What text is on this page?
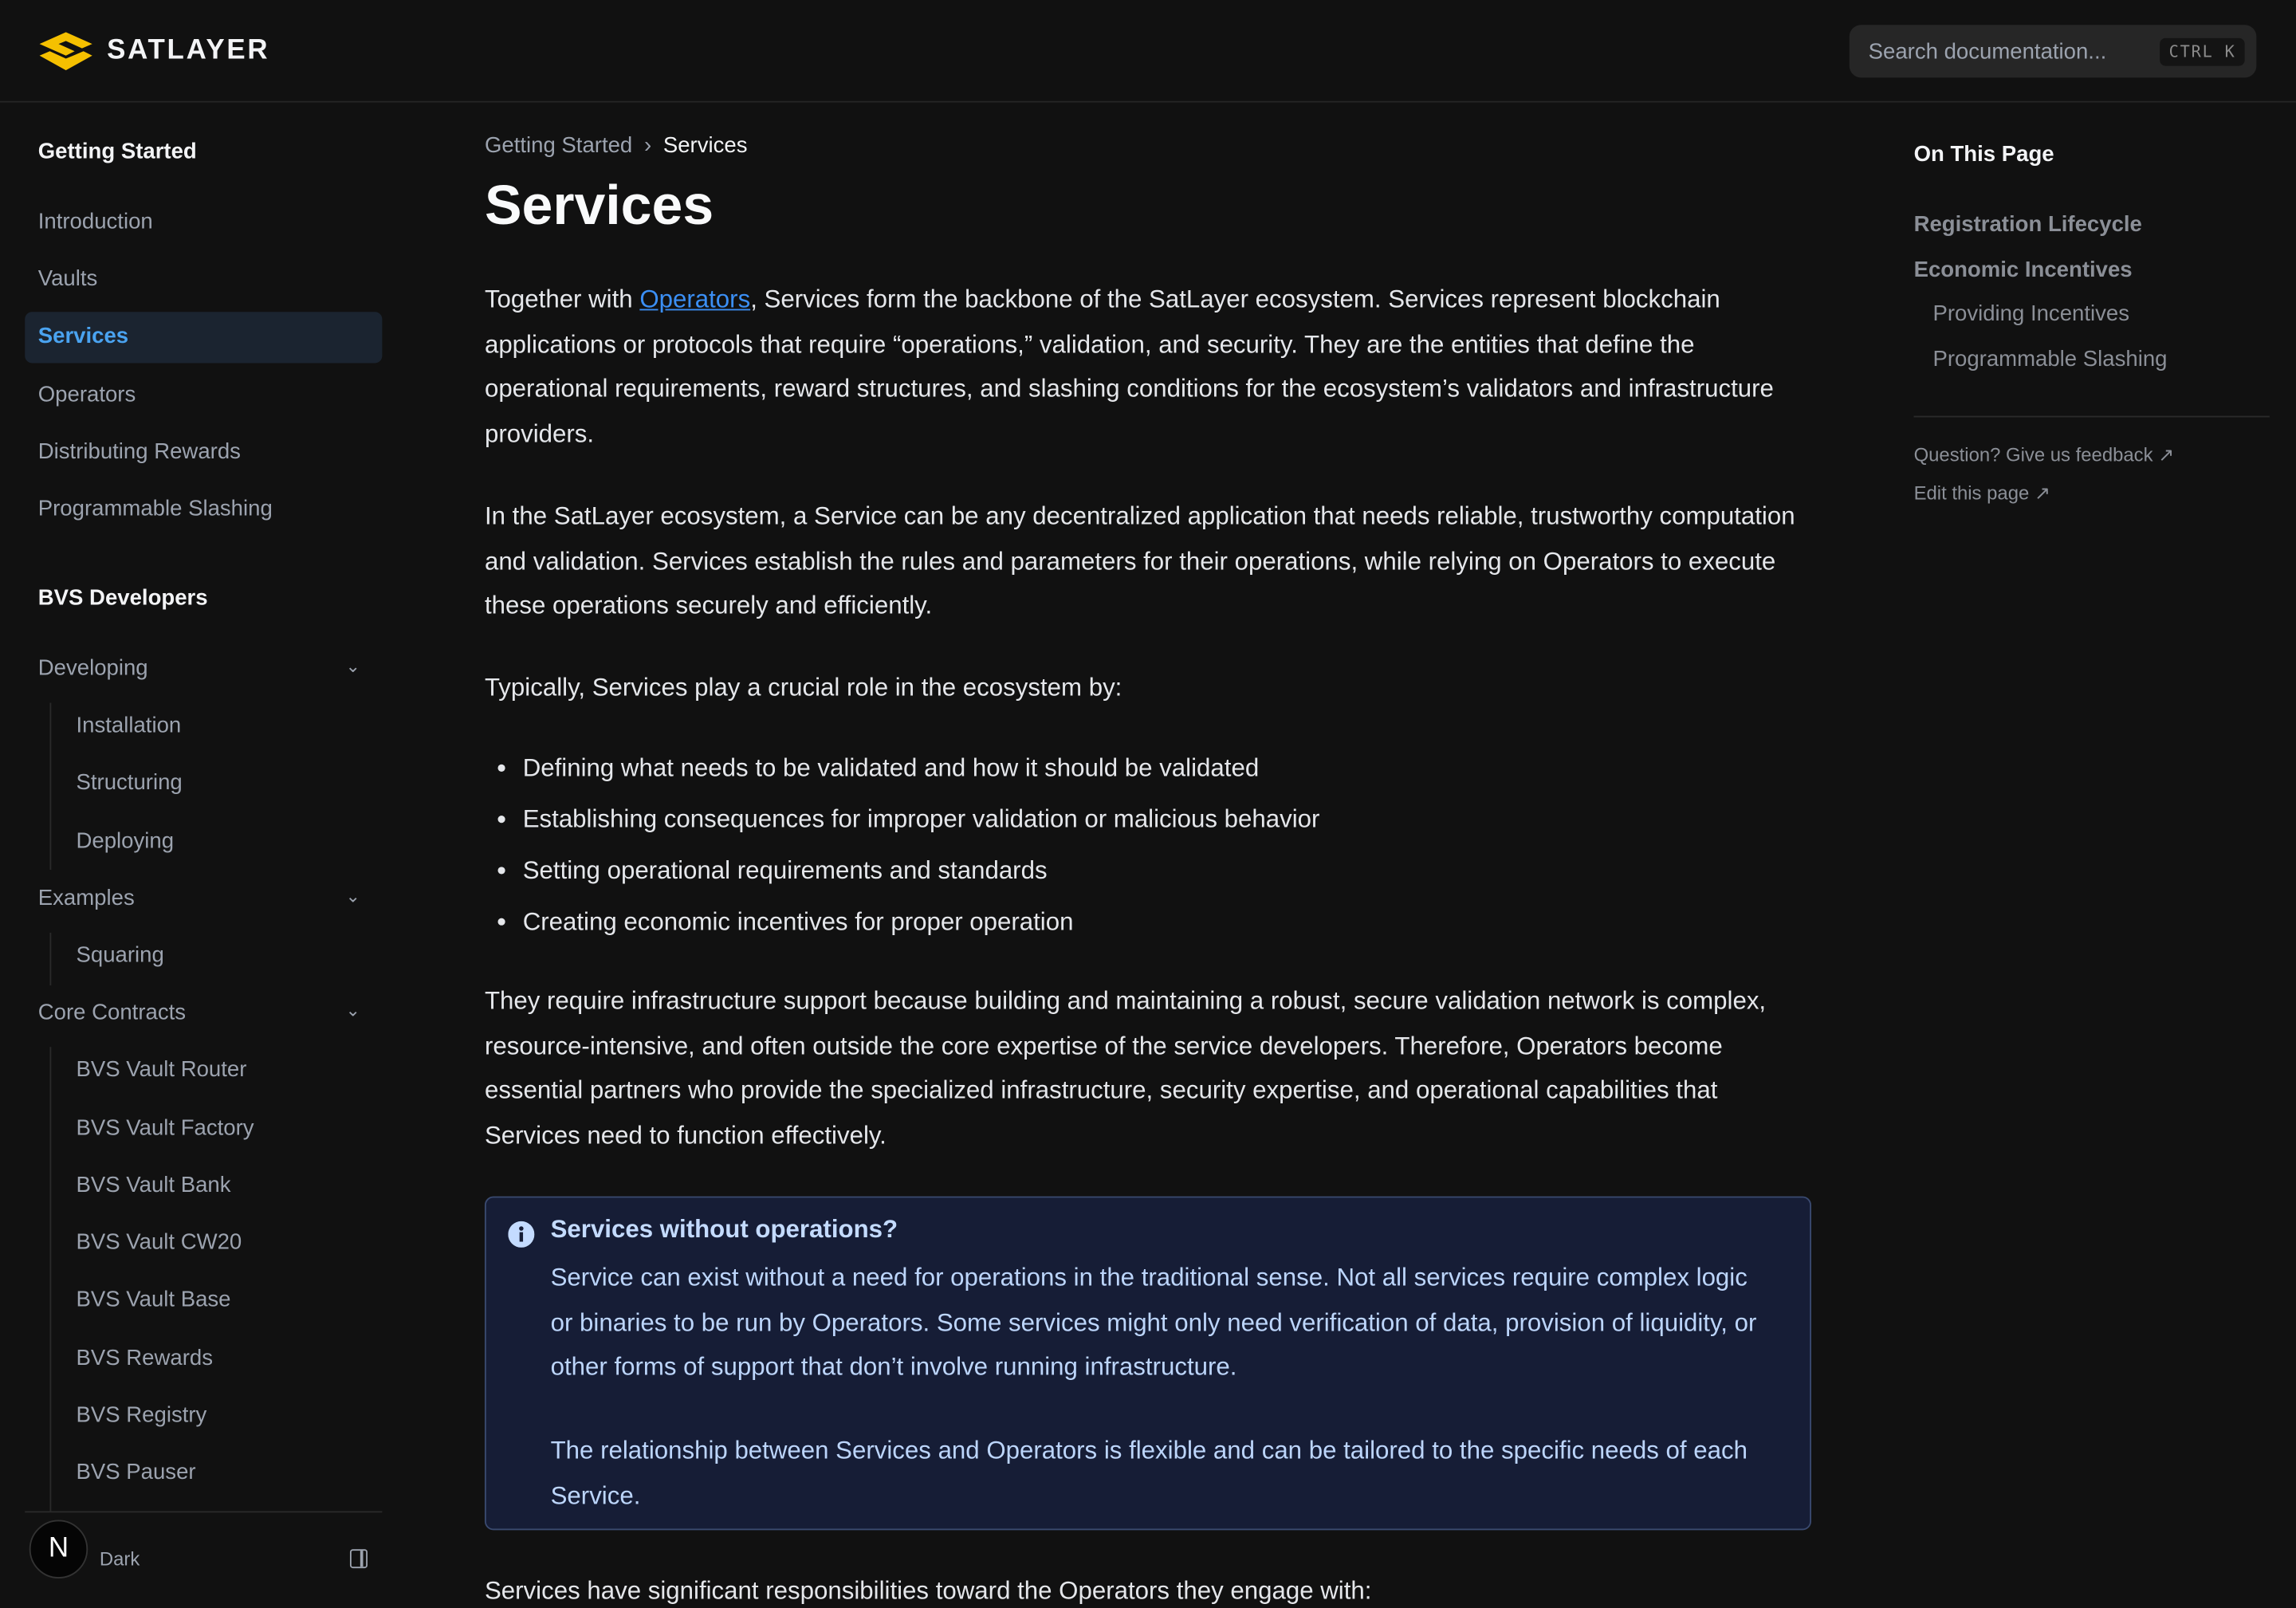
SATLAYER	Search documentation...	CTRL K
Getting Started
Introduction
Vaults
Services
Operators
Distributing Rewards
Programmable Slashing
BVS Developers
Developing	⌄
Installation
Structuring
Deploying
Examples	⌄
Squaring
Core Contracts	⌄
BVS Vault Router
BVS Vault Factory
BVS Vault Bank
BVS Vault CW20
BVS Vault Base
BVS Rewards
BVS Registry
BVS Pauser
Dark
N
Getting Started › Services
Services
Together with Operators, Services form the backbone of the SatLayer ecosystem. Services represent blockchain applications or protocols that require “operations,” validation, and security. They are the entities that define the operational requirements, reward structures, and slashing conditions for the ecosystem’s validators and infrastructure providers.
In the SatLayer ecosystem, a Service can be any decentralized application that needs reliable, trustworthy computation and validation. Services establish the rules and parameters for their operations, while relying on Operators to execute these operations securely and efficiently.
Typically, Services play a crucial role in the ecosystem by:
• Defining what needs to be validated and how it should be validated
• Establishing consequences for improper validation or malicious behavior
• Setting operational requirements and standards
• Creating economic incentives for proper operation
They require infrastructure support because building and maintaining a robust, secure validation network is complex, resource-intensive, and often outside the core expertise of the service developers. Therefore, Operators become essential partners who provide the specialized infrastructure, security expertise, and operational capabilities that Services need to function effectively.
Services without operations?
Service can exist without a need for operations in the traditional sense. Not all services require complex logic or binaries to be run by Operators. Some services might only need verification of data, provision of liquidity, or other forms of support that don’t involve running infrastructure.
The relationship between Services and Operators is flexible and can be tailored to the specific needs of each Service.
Services have significant responsibilities toward the Operators they engage with:
On This Page
Registration Lifecycle
Economic Incentives
Providing Incentives
Programmable Slashing
Question? Give us feedback ↗
Edit this page ↗
